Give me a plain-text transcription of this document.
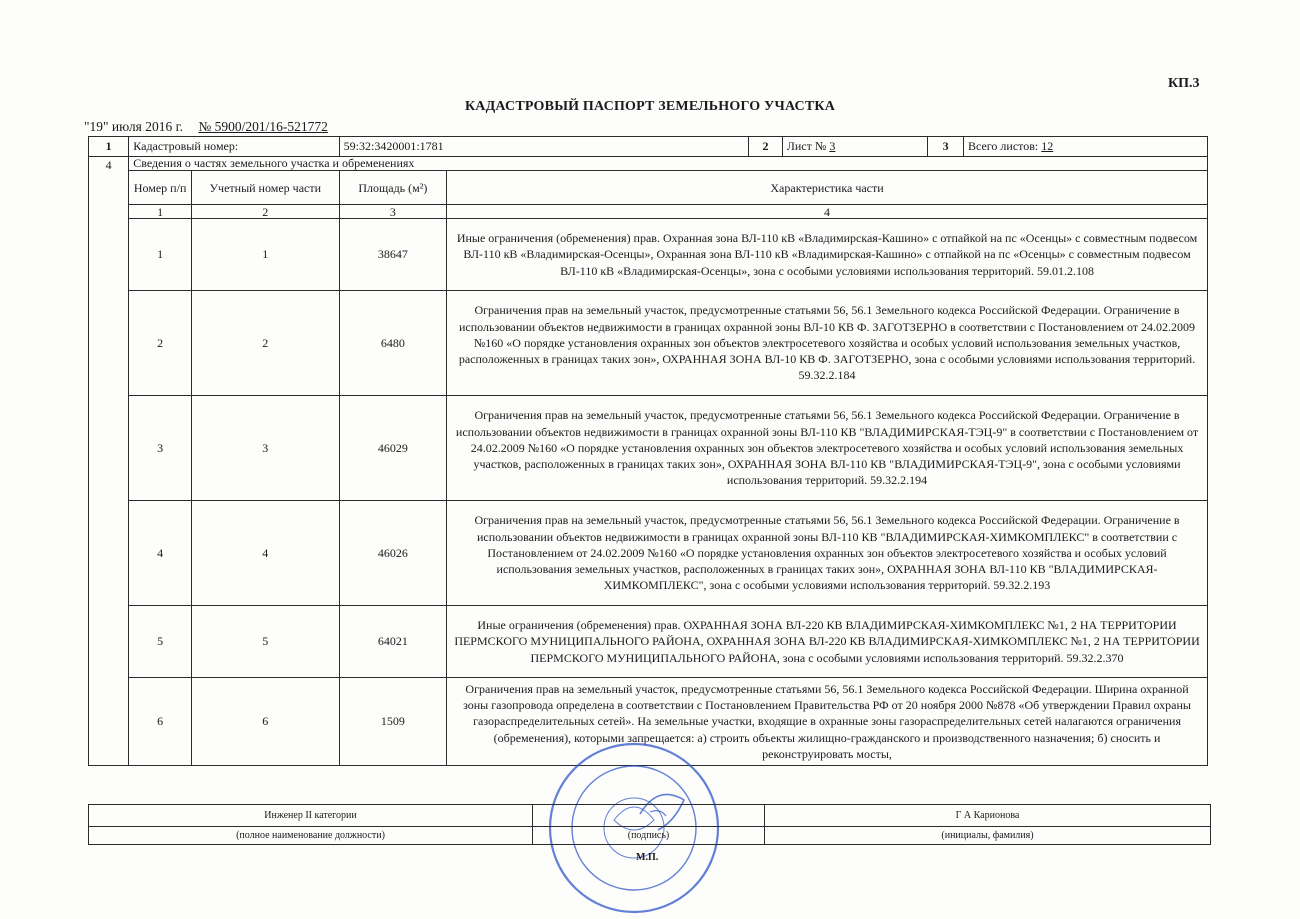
КП.3
КАДАСТРОВЫЙ ПАСПОРТ ЗЕМЕЛЬНОГО УЧАСТКА
"19" июля 2016 г. № 5900/201/16-521772
1	Кадастровый номер:		59:32:3420001:1781		2	Лист № 3	3	Всего листов: 12
4	Сведения о частях земельного участка и обременениях							
	Номер п/п	Учетный номер части	Площадь (м²)	Характеристика части				
	1	2	3	4				
	1	1	38647	Иные ограничения (обременения) прав. Охранная зона ВЛ-110 кВ «Владимирская-Кашино» с отпайкой на пс «Осенцы» с совместным подвесом ВЛ-110 кВ «Владимирская-Осенцы», Охранная зона ВЛ-110 кВ «Владимирская-Кашино» с отпайкой на пс «Осенцы» с совместным подвесом ВЛ-110 кВ «Владимирская-Осенцы», зона с особыми условиями использования территорий. 59.01.2.108				
	2	2	6480	Ограничения прав на земельный участок, предусмотренные статьями 56, 56.1 Земельного кодекса Российской Федерации. Ограничение в использовании объектов недвижимости в границах охранной зоны ВЛ-10 КВ Ф. ЗАГОТЗЕРНО в соответствии с Постановлением от 24.02.2009 №160 «О порядке установления охранных зон объектов электросетевого хозяйства и особых условий использования земельных участков, расположенных в границах таких зон», ОХРАННАЯ ЗОНА ВЛ-10 КВ Ф. ЗАГОТЗЕРНО, зона с особыми условиями использования территорий. 59.32.2.184				
	3	3	46029	Ограничения прав на земельный участок, предусмотренные статьями 56, 56.1 Земельного кодекса Российской Федерации. Ограничение в использовании объектов недвижимости в границах охранной зоны ВЛ-110 КВ "ВЛАДИМИРСКАЯ-ТЭЦ-9" в соответствии с Постановлением от 24.02.2009 №160 «О порядке установления охранных зон объектов электросетевого хозяйства и особых условий использования земельных участков, расположенных в границах таких зон», ОХРАННАЯ ЗОНА ВЛ-110 КВ "ВЛАДИМИРСКАЯ-ТЭЦ-9", зона с особыми условиями использования территорий. 59.32.2.194				
	4	4	46026	Ограничения прав на земельный участок, предусмотренные статьями 56, 56.1 Земельного кодекса Российской Федерации. Ограничение в использовании объектов недвижимости в границах охранной зоны ВЛ-110 КВ "ВЛАДИМИРСКАЯ-ХИМКОМПЛЕКС" в соответствии с Постановлением от 24.02.2009 №160 «О порядке установления охранных зон объектов электросетевого хозяйства и особых условий использования земельных участков, расположенных в границах таких зон», ОХРАННАЯ ЗОНА ВЛ-110 КВ "ВЛАДИМИРСКАЯ-ХИМКОМПЛЕКС", зона с особыми условиями использования территорий. 59.32.2.193				
	5	5	64021	Иные ограничения (обременения) прав. ОХРАННАЯ ЗОНА ВЛ-220 КВ ВЛАДИМИРСКАЯ-ХИМКОМПЛЕКС №1, 2 НА ТЕРРИТОРИИ ПЕРМСКОГО МУНИЦИПАЛЬНОГО РАЙОНА, ОХРАННАЯ ЗОНА ВЛ-220 КВ ВЛАДИМИРСКАЯ-ХИМКОМПЛЕКС №1, 2 НА ТЕРРИТОРИИ ПЕРМСКОГО МУНИЦИПАЛЬНОГО РАЙОНА, зона с особыми условиями использования территорий. 59.32.2.370				
	6	6	1509	Ограничения прав на земельный участок, предусмотренные статьями 56, 56.1 Земельного кодекса Российской Федерации. Ширина охранной зоны газопровода определена в соответствии с Постановлением Правительства РФ от 20 ноября 2000 №878 «Об утверждении Правил охраны газораспределительных сетей». На земельные участки, входящие в охранные зоны газораспределительных сетей налагаются ограничения (обременения), которыми запрещается: а) строить объекты жилищно-гражданского и производственного назначения; б) сносить и реконструировать мосты,				
М.П.
Инженер II категории		Г А Карионова
(полное наименование должности)	(подпись)	(инициалы, фамилия)
